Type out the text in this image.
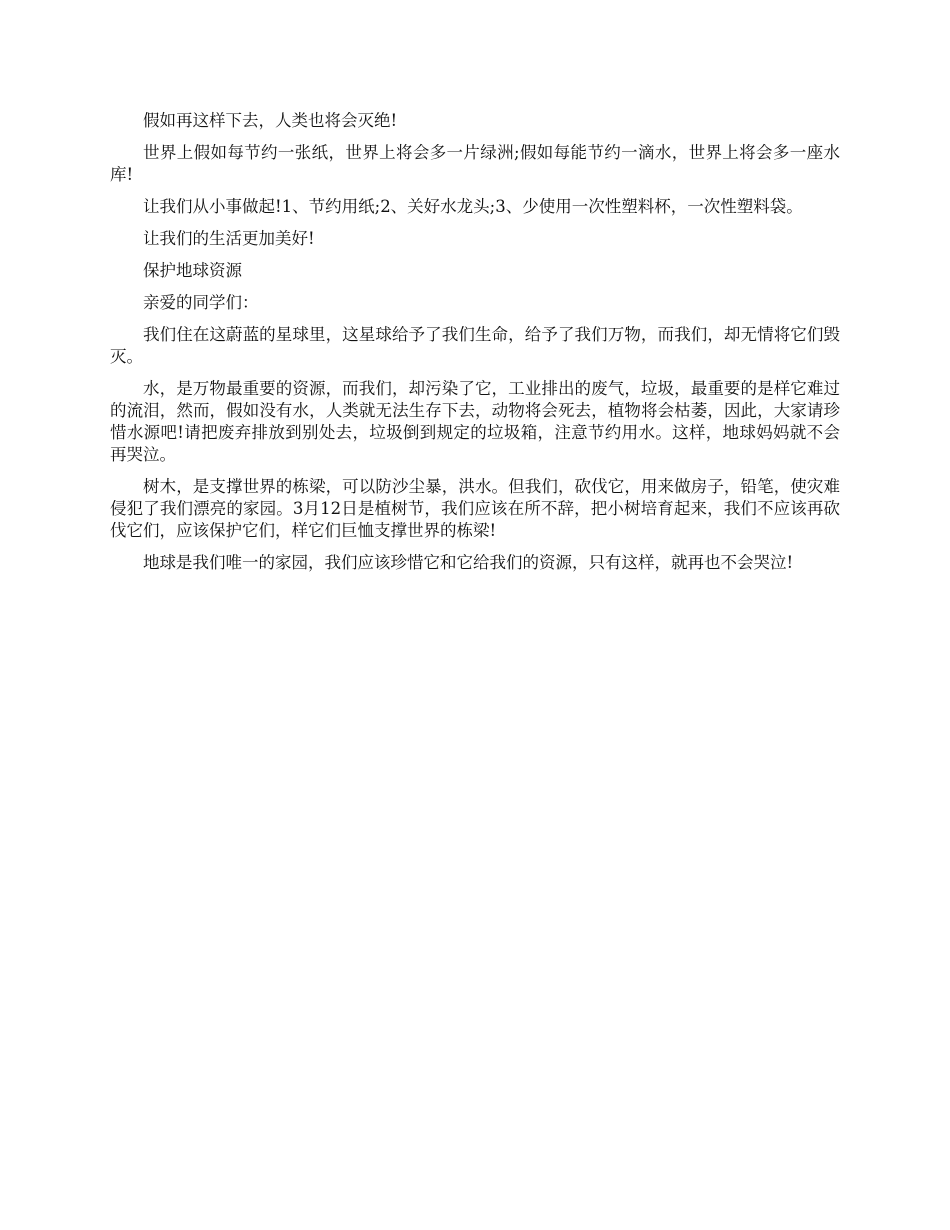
假如再这样下去，人类也将会灭绝!

世界上假如每节约一张纸，世界上将会多一片绿洲;假如每能节约一滴水，世界上将会多一座水库!

让我们从小事做起!1、节约用纸;2、关好水龙头;3、少使用一次性塑料杯，一次性塑料袋。

让我们的生活更加美好!

保护地球资源

亲爱的同学们：

我们住在这蔚蓝的星球里，这星球给予了我们生命，给予了我们万物，而我们，却无情将它们毁灭。

水，是万物最重要的资源，而我们，却污染了它，工业排出的废气，垃圾，最重要的是样它难过的流泪，然而，假如没有水，人类就无法生存下去，动物将会死去，植物将会枯萎，因此，大家请珍惜水源吧!请把废弃排放到别处去，垃圾倒到规定的垃圾箱，注意节约用水。这样，地球妈妈就不会再哭泣。

树木，是支撑世界的栋梁，可以防沙尘暴，洪水。但我们，砍伐它，用来做房子，铅笔，使灾难侵犯了我们漂亮的家园。3月12日是植树节，我们应该在所不辞，把小树培育起来，我们不应该再砍伐它们，应该保护它们，样它们巨恤支撑世界的栋梁!

地球是我们唯一的家园，我们应该珍惜它和它给我们的资源，只有这样，就再也不会哭泣!
